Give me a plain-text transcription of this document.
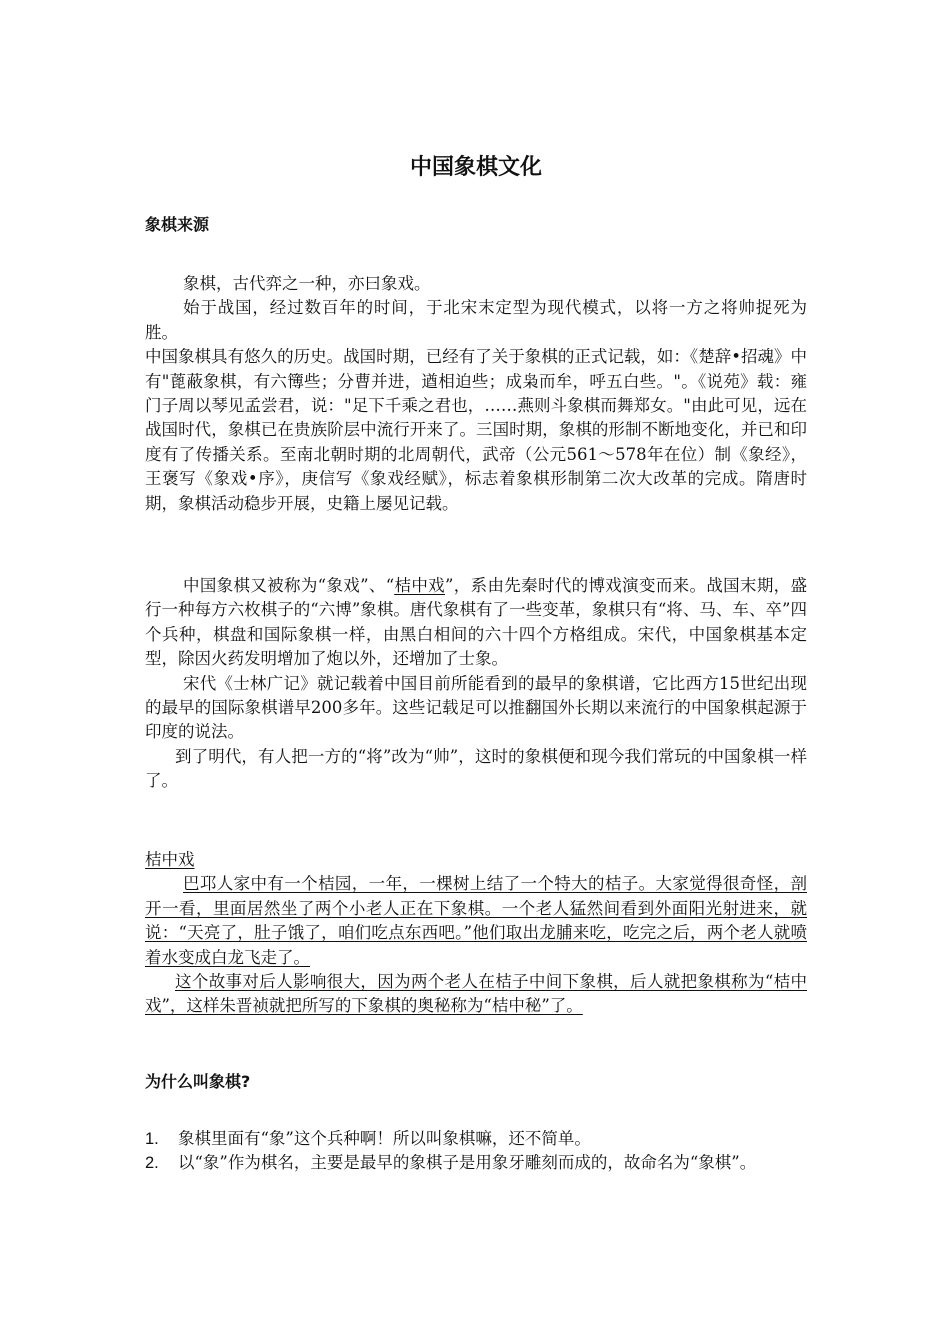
中国象棋文化
象棋来源

象棋，古代弈之一种，亦曰象戏。

始于战国，经过数百年的时间，于北宋末定型为现代模式，以将一方之将帅捉死为胜。

中国象棋具有悠久的历史。战国时期，已经有了关于象棋的正式记载，如：《楚辞•招魂》中有"蓖蔽象棋，有六簙些；分曹并进，遒相迫些；成枭而牟，呼五白些。"。《说苑》载：雍门子周以琴见孟尝君，说："足下千乘之君也，……燕则斗象棋而舞郑女。"由此可见，远在战国时代，象棋已在贵族阶层中流行开来了。三国时期，象棋的形制不断地变化，并已和印度有了传播关系。至南北朝时期的北周朝代，武帝（公元561～578年在位）制《象经》，王褒写《象戏•序》，庚信写《象戏经赋》，标志着象棋形制第二次大改革的完成。隋唐时期，象棋活动稳步开展，史籍上屡见记载。

中国象棋又被称为“象戏”、“桔中戏”，系由先秦时代的博戏演变而来。战国末期，盛行一种每方六枚棋子的“六博”象棋。唐代象棋有了一些变革，象棋只有“将、马、车、卒”四个兵种，棋盘和国际象棋一样，由黑白相间的六十四个方格组成。宋代，中国象棋基本定型，除因火药发明增加了炮以外，还增加了士象。

宋代《士林广记》就记载着中国目前所能看到的最早的象棋谱，它比西方15世纪出现的最早的国际象棋谱早200多年。这些记载足可以推翻国外长期以来流行的中国象棋起源于印度的说法。

到了明代，有人把一方的“将”改为“帅”，这时的象棋便和现今我们常玩的中国象棋一样了。

桔中戏

巴邛人家中有一个桔园，一年，一棵树上结了一个特大的桔子。大家觉得很奇怪，剖开一看，里面居然坐了两个小老人正在下象棋。一个老人猛然间看到外面阳光射进来，就说：“天亮了，肚子饿了，咱们吃点东西吧。”他们取出龙脯来吃，吃完之后，两个老人就喷着水变成白龙飞走了。

这个故事对后人影响很大，因为两个老人在桔子中间下象棋，后人就把象棋称为“桔中戏”，这样朱晋祯就把所写的下象棋的奥秘称为“桔中秘”了。

为什么叫象棋?
1. 象棋里面有“象”这个兵种啊！所以叫象棋嘛，还不简单。
2. 以“象”作为棋名，主要是最早的象棋子是用象牙雕刻而成的，故命名为“象棋”。
